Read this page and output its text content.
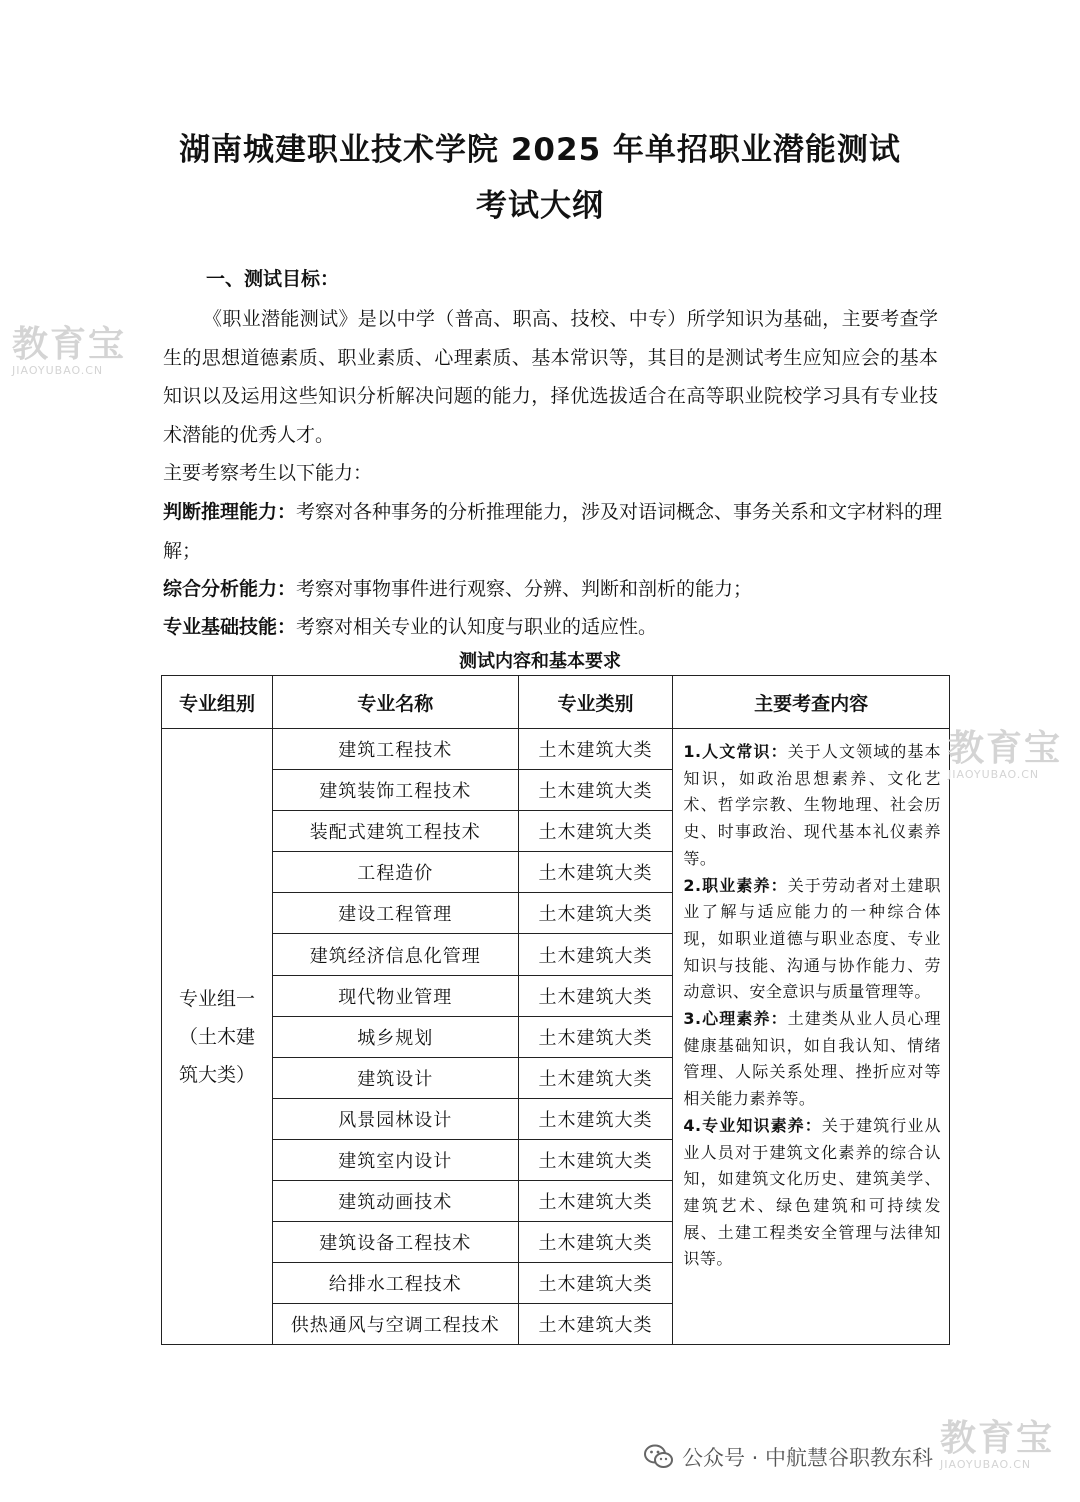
湖南城建职业技术学院 2025 年单招职业潜能测试
考试大纲
一、测试目标：
《职业潜能测试》是以中学（普高、职高、技校、中专）所学知识为基础，主要考查学生的思想道德素质、职业素质、心理素质、基本常识等，其目的是测试考生应知应会的基本知识以及运用这些知识分析解决问题的能力，择优选拔适合在高等职业院校学习具有专业技术潜能的优秀人才。
主要考察考生以下能力：
判断推理能力：考察对各种事务的分析推理能力，涉及对语词概念、事务关系和文字材料的理解；
综合分析能力：考察对事物事件进行观察、分辨、判断和剖析的能力；
专业基础技能：考察对相关专业的认知度与职业的适应性。
测试内容和基本要求
专业组别	专业名称	专业类别	主要考查内容

专业组一（土木建筑大类）	建筑工程技术	土木建筑大类	1.人文常识：关于人文领域的基本知识，如政治思想素养、文化艺术、哲学宗教、生物地理、社会历史、时事政治、现代基本礼仪素养等。
2.职业素养：关于劳动者对土建职业了解与适应能力的一种综合体现，如职业道德与职业态度、专业知识与技能、沟通与协作能力、劳动意识、安全意识与质量管理等。
3.心理素养：土建类从业人员心理健康基础知识，如自我认知、情绪管理、人际关系处理、挫折应对等相关能力素养等。
4.专业知识素养：关于建筑行业从业人员对于建筑文化素养的综合认知，如建筑文化历史、建筑美学、建筑艺术、绿色建筑和可持续发展、土建工程类安全管理与法律知识等。

	建筑装饰工程技术	土木建筑大类	
	装配式建筑工程技术	土木建筑大类	
	工程造价	土木建筑大类	
	建设工程管理	土木建筑大类	
	建筑经济信息化管理	土木建筑大类	
	现代物业管理	土木建筑大类	
	城乡规划	土木建筑大类	
	建筑设计	土木建筑大类	
	风景园林设计	土木建筑大类	
	建筑室内设计	土木建筑大类	
	建筑动画技术	土木建筑大类	
	建筑设备工程技术	土木建筑大类	
	给排水工程技术	土木建筑大类	
	供热通风与空调工程技术	土木建筑大类	
教育宝
JIAOYUBAO.CN
教育宝
JIAOYUBAO.CN
教育宝
JIAOYUBAO.CN
公众号 · 中航慧谷职教东科
